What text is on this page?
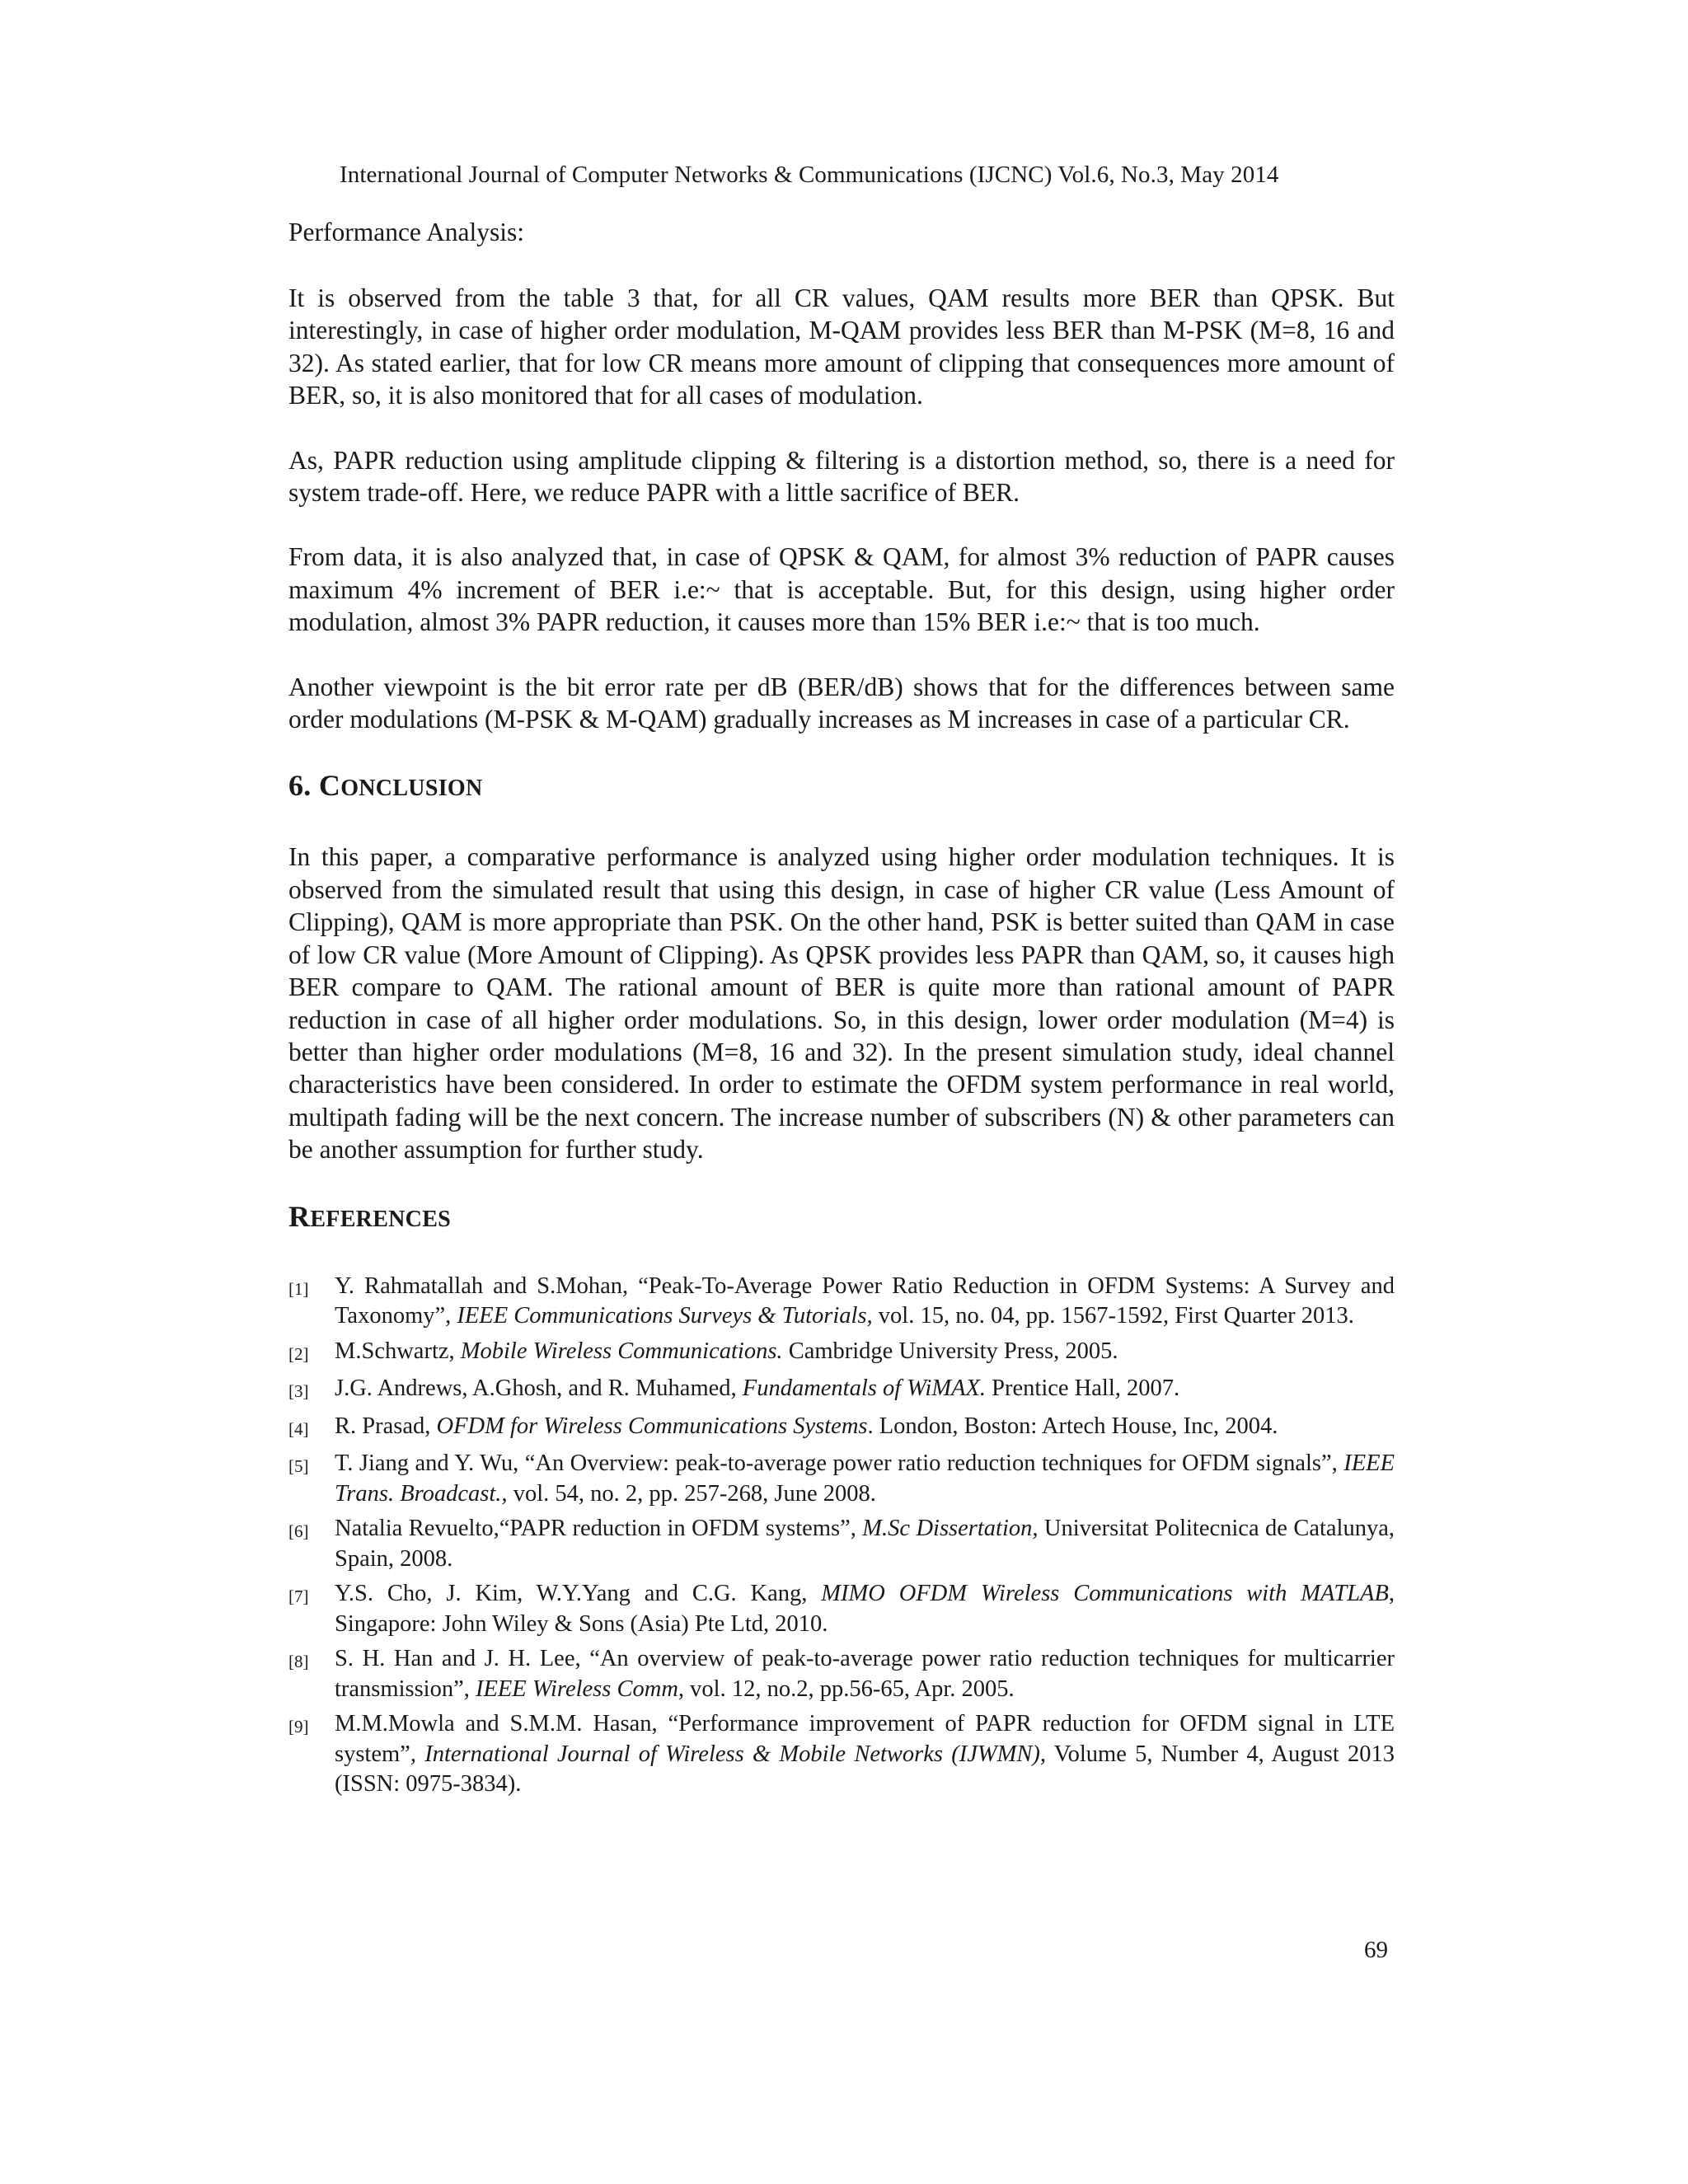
International Journal of Computer Networks & Communications (IJCNC) Vol.6, No.3, May 2014
Performance Analysis:

It is observed from the table 3 that, for all CR values, QAM results more BER than QPSK. But interestingly, in case of higher order modulation, M-QAM provides less BER than M-PSK (M=8, 16 and 32). As stated earlier, that for low CR means more amount of clipping that consequences more amount of BER, so, it is also monitored that for all cases of modulation.

As, PAPR reduction using amplitude clipping & filtering is a distortion method, so, there is a need for system trade-off. Here, we reduce PAPR with a little sacrifice of BER.

From data, it is also analyzed that, in case of QPSK & QAM, for almost 3% reduction of PAPR causes maximum 4% increment of BER i.e:~ that is acceptable. But, for this design, using higher order modulation, almost 3% PAPR reduction, it causes more than 15% BER i.e:~ that is too much.

Another viewpoint is the bit error rate per dB (BER/dB) shows that for the differences between same order modulations (M-PSK & M-QAM) gradually increases as M increases in case of a particular CR.

6. CONCLUSION

In this paper, a comparative performance is analyzed using higher order modulation techniques. It is observed from the simulated result that using this design, in case of higher CR value (Less Amount of Clipping), QAM is more appropriate than PSK. On the other hand, PSK is better suited than QAM in case of low CR value (More Amount of Clipping). As QPSK provides less PAPR than QAM, so, it causes high BER compare to QAM. The rational amount of BER is quite more than rational amount of PAPR reduction in case of all higher order modulations. So, in this design, lower order modulation (M=4) is better than higher order modulations (M=8, 16 and 32). In the present simulation study, ideal channel characteristics have been considered. In order to estimate the OFDM system performance in real world, multipath fading will be the next concern. The increase number of subscribers (N) & other parameters can be another assumption for further study.

REFERENCES
[1]	Y. Rahmatallah and S.Mohan, “Peak-To-Average Power Ratio Reduction in OFDM Systems: A Survey and Taxonomy”, IEEE Communications Surveys & Tutorials, vol. 15, no. 04, pp. 1567-1592, First Quarter 2013.
[2]	M.Schwartz, Mobile Wireless Communications. Cambridge University Press, 2005.
[3]	J.G. Andrews, A.Ghosh, and R. Muhamed, Fundamentals of WiMAX. Prentice Hall, 2007.
[4]	R. Prasad, OFDM for Wireless Communications Systems. London, Boston: Artech House, Inc, 2004.
[5]	T. Jiang and Y. Wu, “An Overview: peak-to-average power ratio reduction techniques for OFDM signals”, IEEE Trans. Broadcast., vol. 54, no. 2, pp. 257-268, June 2008.
[6]	Natalia Revuelto,“PAPR reduction in OFDM systems”, M.Sc Dissertation, Universitat Politecnica de Catalunya, Spain, 2008.
[7]	Y.S. Cho, J. Kim, W.Y.Yang and C.G. Kang, MIMO OFDM Wireless Communications with MATLAB, Singapore: John Wiley & Sons (Asia) Pte Ltd, 2010.
[8]	S. H. Han and J. H. Lee, “An overview of peak-to-average power ratio reduction techniques for multicarrier transmission”, IEEE Wireless Comm, vol. 12, no.2, pp.56-65, Apr. 2005.
[9]	M.M.Mowla and S.M.M. Hasan, “Performance improvement of PAPR reduction for OFDM signal in LTE system”, International Journal of Wireless & Mobile Networks (IJWMN), Volume 5, Number 4, August 2013 (ISSN: 0975-3834).
69
